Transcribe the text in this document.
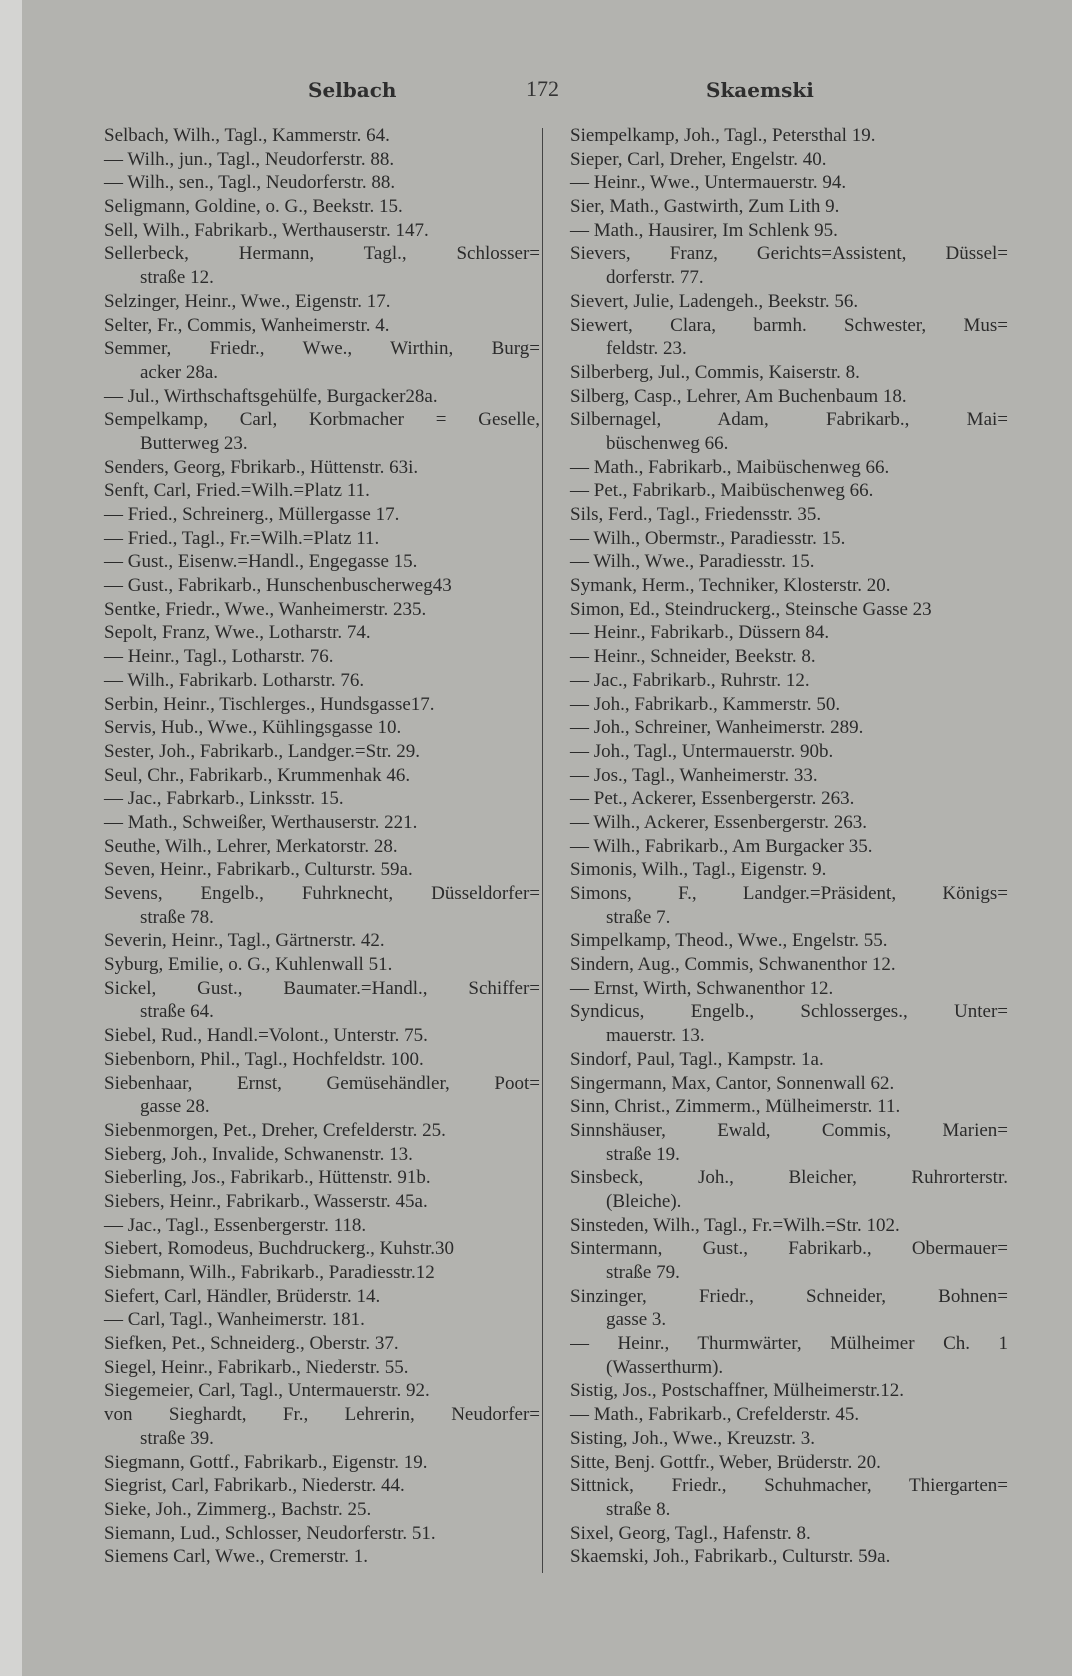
Selbach	172	Skaemski
Selbach, Wilh., Tagl., Kammerstr. 64.
— Wilh., jun., Tagl., Neudorferstr. 88.
— Wilh., sen., Tagl., Neudorferstr. 88.
Seligmann, Goldine, o. G., Beekstr. 15.
Sell, Wilh., Fabrikarb., Werthauserstr. 147.
Sellerbeck, Hermann, Tagl., Schlosser=
straße 12.
Selzinger, Heinr., Wwe., Eigenstr. 17.
Selter, Fr., Commis, Wanheimerstr. 4.
Semmer, Friedr., Wwe., Wirthin, Burg=
acker 28a.
— Jul., Wirthschaftsgehülfe, Burgacker28a.
Sempelkamp, Carl, Korbmacher = Geselle,
Butterweg 23.
Senders, Georg, Fbrikarb., Hüttenstr. 63i.
Senft, Carl, Fried.=Wilh.=Platz 11.
— Fried., Schreinerg., Müllergasse 17.
— Fried., Tagl., Fr.=Wilh.=Platz 11.
— Gust., Eisenw.=Handl., Engegasse 15.
— Gust., Fabrikarb., Hunschenbuscherweg43
Sentke, Friedr., Wwe., Wanheimerstr. 235.
Sepolt, Franz, Wwe., Lotharstr. 74.
— Heinr., Tagl., Lotharstr. 76.
— Wilh., Fabrikarb. Lotharstr. 76.
Serbin, Heinr., Tischlerges., Hundsgasse17.
Servis, Hub., Wwe., Kühlingsgasse 10.
Sester, Joh., Fabrikarb., Landger.=Str. 29.
Seul, Chr., Fabrikarb., Krummenhak 46.
— Jac., Fabrkarb., Linksstr. 15.
— Math., Schweißer, Werthauserstr. 221.
Seuthe, Wilh., Lehrer, Merkatorstr. 28.
Seven, Heinr., Fabrikarb., Culturstr. 59a.
Sevens, Engelb., Fuhrknecht, Düsseldorfer=
straße 78.
Severin, Heinr., Tagl., Gärtnerstr. 42.
Syburg, Emilie, o. G., Kuhlenwall 51.
Sickel, Gust., Baumater.=Handl., Schiffer=
straße 64.
Siebel, Rud., Handl.=Volont., Unterstr. 75.
Siebenborn, Phil., Tagl., Hochfeldstr. 100.
Siebenhaar, Ernst, Gemüsehändler, Poot=
gasse 28.
Siebenmorgen, Pet., Dreher, Crefelderstr. 25.
Sieberg, Joh., Invalide, Schwanenstr. 13.
Sieberling, Jos., Fabrikarb., Hüttenstr. 91b.
Siebers, Heinr., Fabrikarb., Wasserstr. 45a.
— Jac., Tagl., Essenbergerstr. 118.
Siebert, Romodeus, Buchdruckerg., Kuhstr.30
Siebmann, Wilh., Fabrikarb., Paradiesstr.12
Siefert, Carl, Händler, Brüderstr. 14.
— Carl, Tagl., Wanheimerstr. 181.
Siefken, Pet., Schneiderg., Oberstr. 37.
Siegel, Heinr., Fabrikarb., Niederstr. 55.
Siegemeier, Carl, Tagl., Untermauerstr. 92.
von Sieghardt, Fr., Lehrerin, Neudorfer=
straße 39.
Siegmann, Gottf., Fabrikarb., Eigenstr. 19.
Siegrist, Carl, Fabrikarb., Niederstr. 44.
Sieke, Joh., Zimmerg., Bachstr. 25.
Siemann, Lud., Schlosser, Neudorferstr. 51.
Siemens Carl, Wwe., Cremerstr. 1.
Siempelkamp, Joh., Tagl., Petersthal 19.
Sieper, Carl, Dreher, Engelstr. 40.
— Heinr., Wwe., Untermauerstr. 94.
Sier, Math., Gastwirth, Zum Lith 9.
— Math., Hausirer, Im Schlenk 95.
Sievers, Franz, Gerichts=Assistent, Düssel=
dorferstr. 77.
Sievert, Julie, Ladengeh., Beekstr. 56.
Siewert, Clara, barmh. Schwester, Mus=
feldstr. 23.
Silberberg, Jul., Commis, Kaiserstr. 8.
Silberg, Casp., Lehrer, Am Buchenbaum 18.
Silbernagel, Adam, Fabrikarb., Mai=
büschenweg 66.
— Math., Fabrikarb., Maibüschenweg 66.
— Pet., Fabrikarb., Maibüschenweg 66.
Sils, Ferd., Tagl., Friedensstr. 35.
— Wilh., Obermstr., Paradiesstr. 15.
— Wilh., Wwe., Paradiesstr. 15.
Symank, Herm., Techniker, Klosterstr. 20.
Simon, Ed., Steindruckerg., Steinsche Gasse 23
— Heinr., Fabrikarb., Düssern 84.
— Heinr., Schneider, Beekstr. 8.
— Jac., Fabrikarb., Ruhrstr. 12.
— Joh., Fabrikarb., Kammerstr. 50.
— Joh., Schreiner, Wanheimerstr. 289.
— Joh., Tagl., Untermauerstr. 90b.
— Jos., Tagl., Wanheimerstr. 33.
— Pet., Ackerer, Essenbergerstr. 263.
— Wilh., Ackerer, Essenbergerstr. 263.
— Wilh., Fabrikarb., Am Burgacker 35.
Simonis, Wilh., Tagl., Eigenstr. 9.
Simons, F., Landger.=Präsident, Königs=
straße 7.
Simpelkamp, Theod., Wwe., Engelstr. 55.
Sindern, Aug., Commis, Schwanenthor 12.
— Ernst, Wirth, Schwanenthor 12.
Syndicus, Engelb., Schlosserges., Unter=
mauerstr. 13.
Sindorf, Paul, Tagl., Kampstr. 1a.
Singermann, Max, Cantor, Sonnenwall 62.
Sinn, Christ., Zimmerm., Mülheimerstr. 11.
Sinnshäuser, Ewald, Commis, Marien=
straße 19.
Sinsbeck, Joh., Bleicher, Ruhrorterstr.
(Bleiche).
Sinsteden, Wilh., Tagl., Fr.=Wilh.=Str. 102.
Sintermann, Gust., Fabrikarb., Obermauer=
straße 79.
Sinzinger, Friedr., Schneider, Bohnen=
gasse 3.
— Heinr., Thurmwärter, Mülheimer Ch. 1
(Wasserthurm).
Sistig, Jos., Postschaffner, Mülheimerstr.12.
— Math., Fabrikarb., Crefelderstr. 45.
Sisting, Joh., Wwe., Kreuzstr. 3.
Sitte, Benj. Gottfr., Weber, Brüderstr. 20.
Sittnick, Friedr., Schuhmacher, Thiergarten=
straße 8.
Sixel, Georg, Tagl., Hafenstr. 8.
Skaemski, Joh., Fabrikarb., Culturstr. 59a.
